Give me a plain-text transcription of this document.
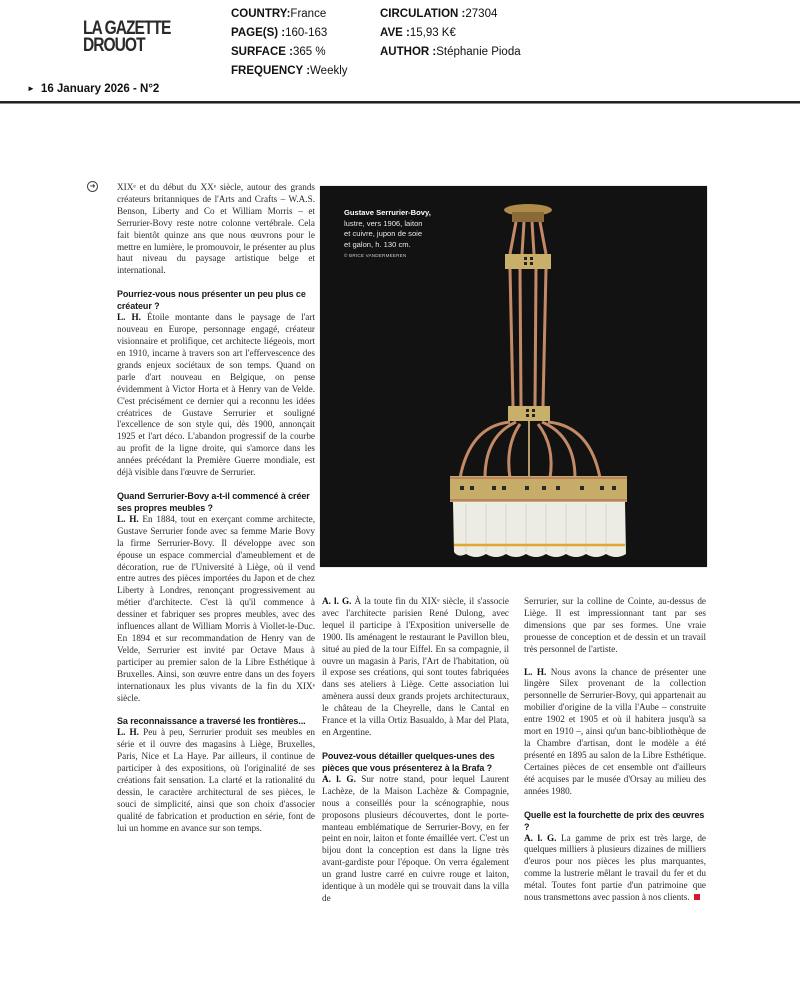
LA GAZETTE
DROUOT
COUNTRY:France
PAGE(S) :160-163
SURFACE :365 %
FREQUENCY :Weekly
CIRCULATION :27304
AVE :15,93 K€
AUTHOR :Stéphanie Pioda
► 16 January 2026 - N°2
➜ XIXᵉ et du début du XXᵉ siècle, autour des grands créateurs britanniques de l'Arts and Crafts – W.A.S. Benson, Liberty and Co et William Morris – et Serrurier-Bovy reste notre colonne vertébrale. Cela fait bientôt quinze ans que nous œuvrons pour le mettre en lumière, le promouvoir, le présenter au plus haut niveau du paysage artistique belge et international.

Pourriez-vous nous présenter un peu plus ce créateur ?

L. H. Étoile montante dans le paysage de l'art nouveau en Europe, personnage engagé, créateur visionnaire et prolifique, cet architecte liégeois, mort en 1910, incarne à travers son art l'effervescence des grands enjeux sociétaux de son temps. Quand on parle d'art nouveau en Belgique, on pense évidemment à Victor Horta et à Henry van de Velde. C'est précisément ce dernier qui a reconnu les idées créatrices de Gustave Serrurier et souligné l'excellence de son style qui, dès 1900, annonçait 1925 et l'art déco. L'abandon progressif de la courbe au profit de la ligne droite, qui s'amorce dans les années précédant la Première Guerre mondiale, est déjà visible dans l'œuvre de Serrurier.

Quand Serrurier-Bovy a-t-il commencé à créer ses propres meubles ?

L. H. En 1884, tout en exerçant comme architecte, Gustave Serrurier fonde avec sa femme Marie Bovy la firme Serrurier-Bovy. Il développe avec son épouse un espace commercial d'ameublement et de décoration, rue de l'Université à Liège, où il vend entre autres des pièces importées du Japon et de chez Liberty à Londres, renonçant progressivement au métier d'architecte. C'est là qu'il commence à dessiner et fabriquer ses propres meubles, avec des influences allant de William Morris à Viollet-le-Duc. En 1894 et sur recommandation de Henry van de Velde, Serrurier est invité par Octave Maus à participer au premier salon de la Libre Esthétique à Bruxelles. Ainsi, son œuvre entre dans un des foyers internationaux les plus vivants de la fin du XIXᵉ siècle.

Sa reconnaissance a traversé les frontières...

L. H. Peu à peu, Serrurier produit ses meubles en série et il ouvre des magasins à Liège, Bruxelles, Paris, Nice et La Haye. Par ailleurs, il continue de participer à des expositions, où l'originalité de ses créations fait sensation. La clarté et la rationalité du dessin, le caractère architectural de ses pièces, le souci de simplicité, ainsi que son choix d'associer qualité de fabrication et production en série, font de lui un homme en avance sur son temps.

Gustave Serrurier-Bovy,
lustre, vers 1906, laiton
et cuivre, jupon de soie
et galon, h. 130 cm.
© BRICE VANDERMEEREN

A. l. G. À la toute fin du XIXᵉ siècle, il s'associe avec l'architecte parisien René Dulong, avec lequel il participe à l'Exposition universelle de 1900. Ils aménagent le restaurant le Pavillon bleu, situé au pied de la tour Eiffel. En sa compagnie, il ouvre un magasin à Paris, l'Art de l'habitation, où il expose ses créations, qui sont toutes fabriquées dans ses ateliers à Liège. Cette association lui amènera aussi deux grands projets architecturaux, le château de la Cheyrelle, dans le Cantal en France et la villa Ortiz Basualdo, à Mar del Plata, en Argentine.

Pouvez-vous détailler quelques-unes des pièces que vous présenterez à la Brafa ?

A. l. G. Sur notre stand, pour lequel Laurent Lachèze, de la Maison Lachèze & Compagnie, nous a conseillés pour la scénographie, nous proposons plusieurs découvertes, dont le porte-manteau emblématique de Serrurier-Bovy, en fer peint en noir, laiton et fonte émaillée vert. C'est un bijou dont la conception est dans la ligne très avant-gardiste pour l'époque. On verra également un grand lustre carré en cuivre rouge et laiton, identique à un modèle qui se trouvait dans la villa de

Serrurier, sur la colline de Cointe, au-dessus de Liège. Il est impressionnant tant par ses dimensions que par ses formes. Une vraie prouesse de conception et de dessin et un travail très personnel de l'artiste.

L. H. Nous avons la chance de présenter une lingère Silex provenant de la collection personnelle de Serrurier-Bovy, qui appartenait au mobilier d'origine de la villa l'Aube – construite entre 1902 et 1905 et où il habitera jusqu'à sa mort en 1910 –, ainsi qu'un banc-bibliothèque de la Chambre d'artisan, dont le modèle a été présenté en 1895 au salon de la Libre Esthétique. Certaines pièces de cet ensemble ont d'ailleurs été acquises par le musée d'Orsay au milieu des années 1980.

Quelle est la fourchette de prix des œuvres ?

A. l. G. La gamme de prix est très large, de quelques milliers à plusieurs dizaines de milliers d'euros pour nos pièces les plus marquantes, comme la lustrerie mêlant le travail du fer et du métal. Toutes font partie d'un patrimoine que nous transmettons avec passion à nos clients.
